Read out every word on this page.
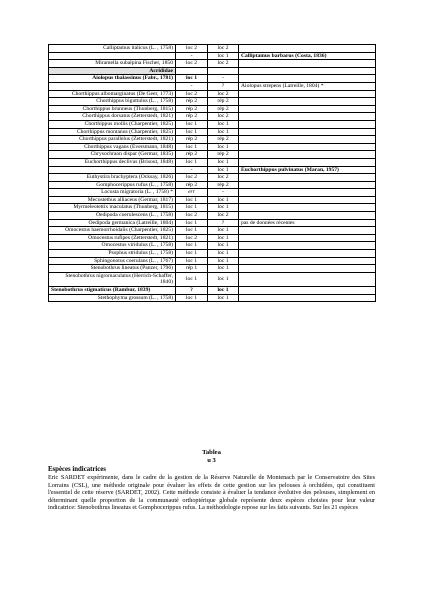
Calliptamus italicus (L. , 1758)	loc 2	loc 2	
	-	loc 1	Calliptamus barbarus (Costa, 1836)
Miramella subalpina Fischer, 1850	loc 2	loc 2	
Acrididae			
Aiolopus thalassinus (Fabr., 1781)	loc 1	-	
	-	?	Aiolopus strepens (Latreille, 1804) *
Chorthippus albomarginatus (De Geer, 1773)	loc 2	loc 2	
Chorthippus biguttulus (L. , 1758)	rép 2	rép 2	
Chorthippus brunneus (Thunberg, 1815)	rép 2	rép 2	
Chorthippus dorsatus (Zetterstedt, 1821)	rép 2	loc 2	
Chorthippus mollis (Charpentier, 1825)	loc 1	loc 1	
Chorthippus montanus (Charpentier, 1825)	loc 1	loc 1	
Chorthippus parallelus (Zetterstedt, 1821)	rép 2	rép 2	
Chorthippus vagans (Eversmann, 1848)	loc 1	loc 1	
Chrysochraon dispar (Germar, 1835)	rép 2	rép 2	
Euchorthippus declivus (Brisout, 1848)	loc 1	loc 1	
	-	loc 1	Euchorthippus pulvinatus (Maran, 1957)
Euthystira brachyptera (Ocksay, 1826)	loc 2	loc 2	
Gomphocerippus rufus (L. , 1758)	rép 2	rép 2	
Locusta migratoria (L. , 1758) *	err	-	
Mecostethus alliaceus (Germar, 1817)	loc 1	loc 1	
Myrmeleotettix maculatus (Thunberg, 1815)	loc 1	loc 1	
Oedipoda coerulescens (L. , 1758)	loc 2	loc 2	
Oedipoda germanica (Latreille, 1804)	loc 1	?	pas de données récentes
Omocestus haemorrhoidalis (Charpentier, 1825)	loc 1	loc 1	
Omocestus rufipes (Zetterstedt, 1821)	loc 2	loc 1	
Omocestus viridulus (L. , 1758)	loc 1	loc 1	
Psophus stridulus (L. , 1758)	loc 1	loc 1	
Sphingonotus coerulans (L. , 1767)	loc 1	loc 1	
Stenobothrus lineatus (Panzer, 1796)	rép 1	loc 1	
Stenobothrus nigromaculatus (Herrich-Schaffer, 1840)	loc 1	loc 1	
Stenobothrus stigmaticus (Rambur, 1839)	?	loc 1	
Stethophyma grossum (L. , 1758)	loc 1	loc 1	
Tablea
u 3
Espèces indicatrices

Eric SARDET expérimente, dans le cadre de la gestion de la Réserve Naturelle de Montenach par le Conservatoire des Sites Lorrains (CSL), une méthode originale pour évaluer les effets de cette gestion sur les pelouses à orchidées, qui constituent l'essentiel de cette réserve (SARDET, 2002). Cette méthode consiste à évaluer la tendance évolutive des pelouses, simplement en déterminant quelle proportion de la communauté orthoptérique globale représente deux espèces choisies pour leur valeur indicatrice: Stenobothrus lineatus et Gomphocerippus rufus. La méthodologie repose sur les faits suivants. Sur les 21 espèces
